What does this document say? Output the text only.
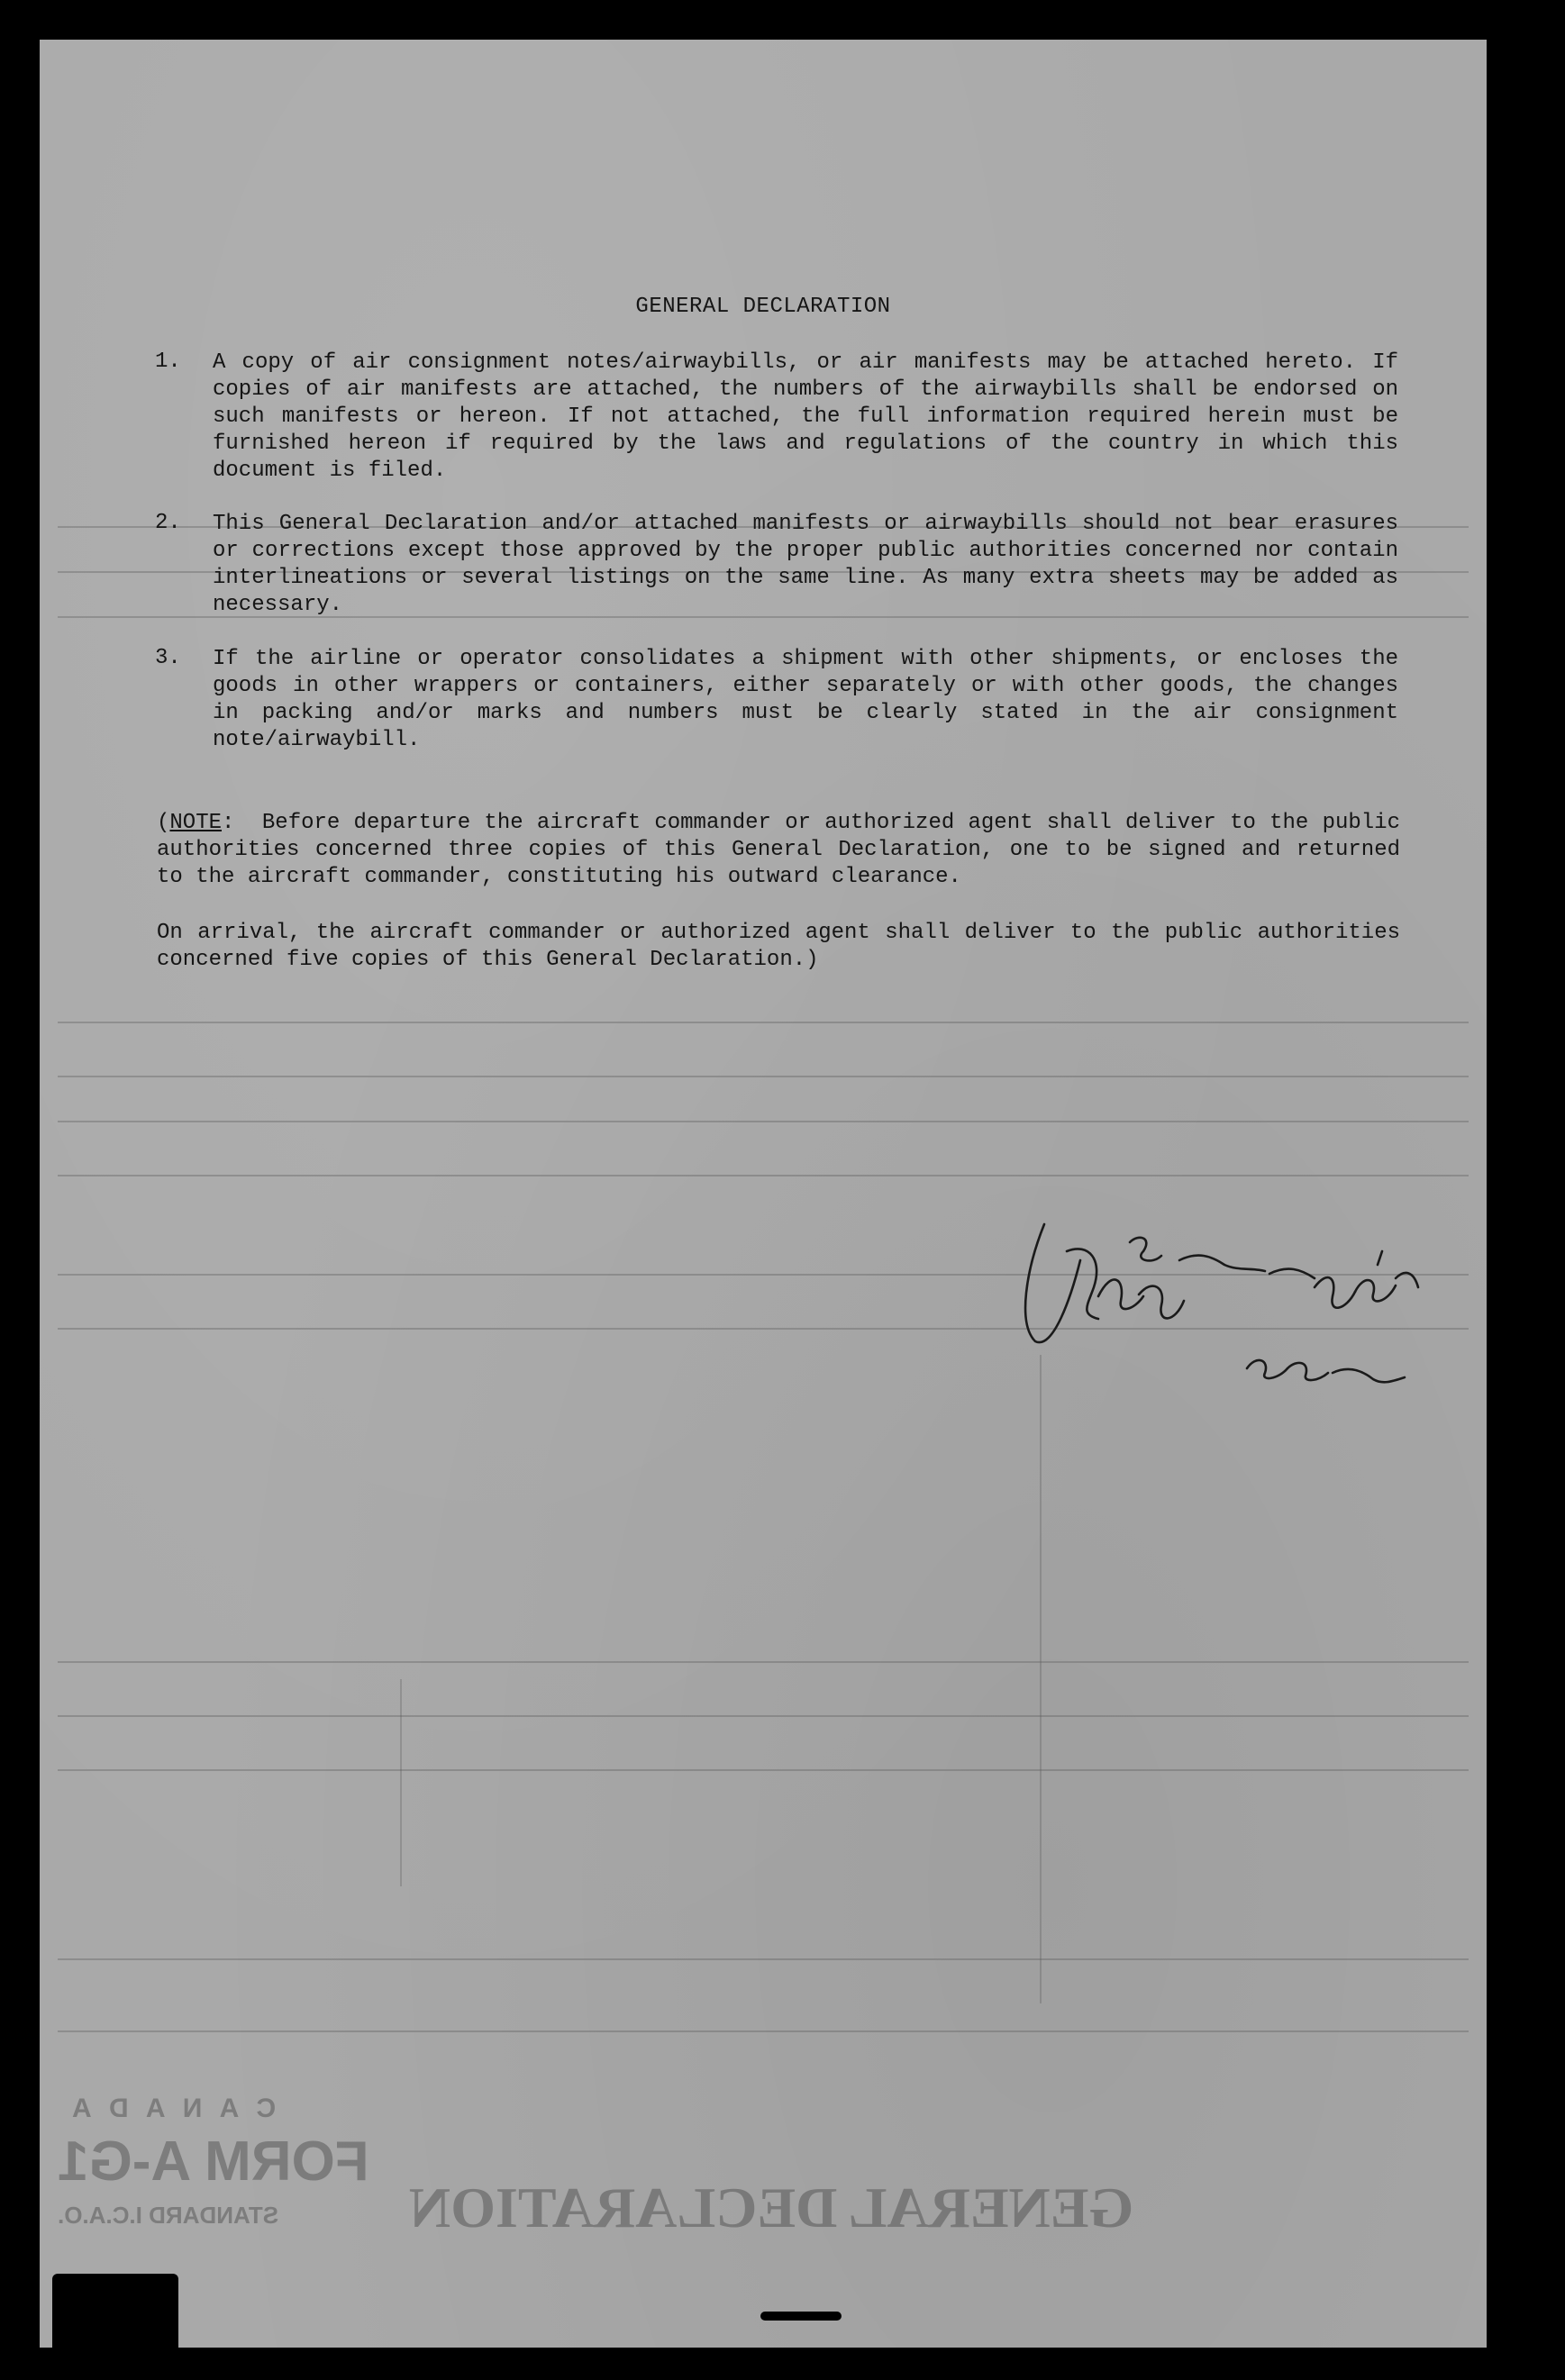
FORM A-G1
STANDARD I.C.A.O.
C A N A D A
GENERAL DECLARATION
GENERAL DECLARATION
1. A copy of air consignment notes/airwaybills, or air manifests may be attached hereto. If copies of air manifests are attached, the numbers of the airwaybills shall be endorsed on such manifests or hereon. If not attached, the full information required herein must be furnished hereon if required by the laws and regulations of the country in which this document is filed.
2. This General Declaration and/or attached manifests or airwaybills should not bear erasures or corrections except those approved by the proper public authorities concerned nor contain interlineations or several listings on the same line. As many extra sheets may be added as necessary.
3. If the airline or operator consolidates a shipment with other shipments, or encloses the goods in other wrappers or containers, either separately or with other goods, the changes in packing and/or marks and numbers must be clearly stated in the air consignment note/airwaybill.
(NOTE:  Before departure the aircraft commander or authorized agent shall deliver to the public authorities concerned three copies of this General Declaration, one to be signed and returned to the aircraft commander, constituting his outward clearance.
On arrival, the aircraft commander or authorized agent shall deliver to the public authorities concerned five copies of this General Declaration.)
